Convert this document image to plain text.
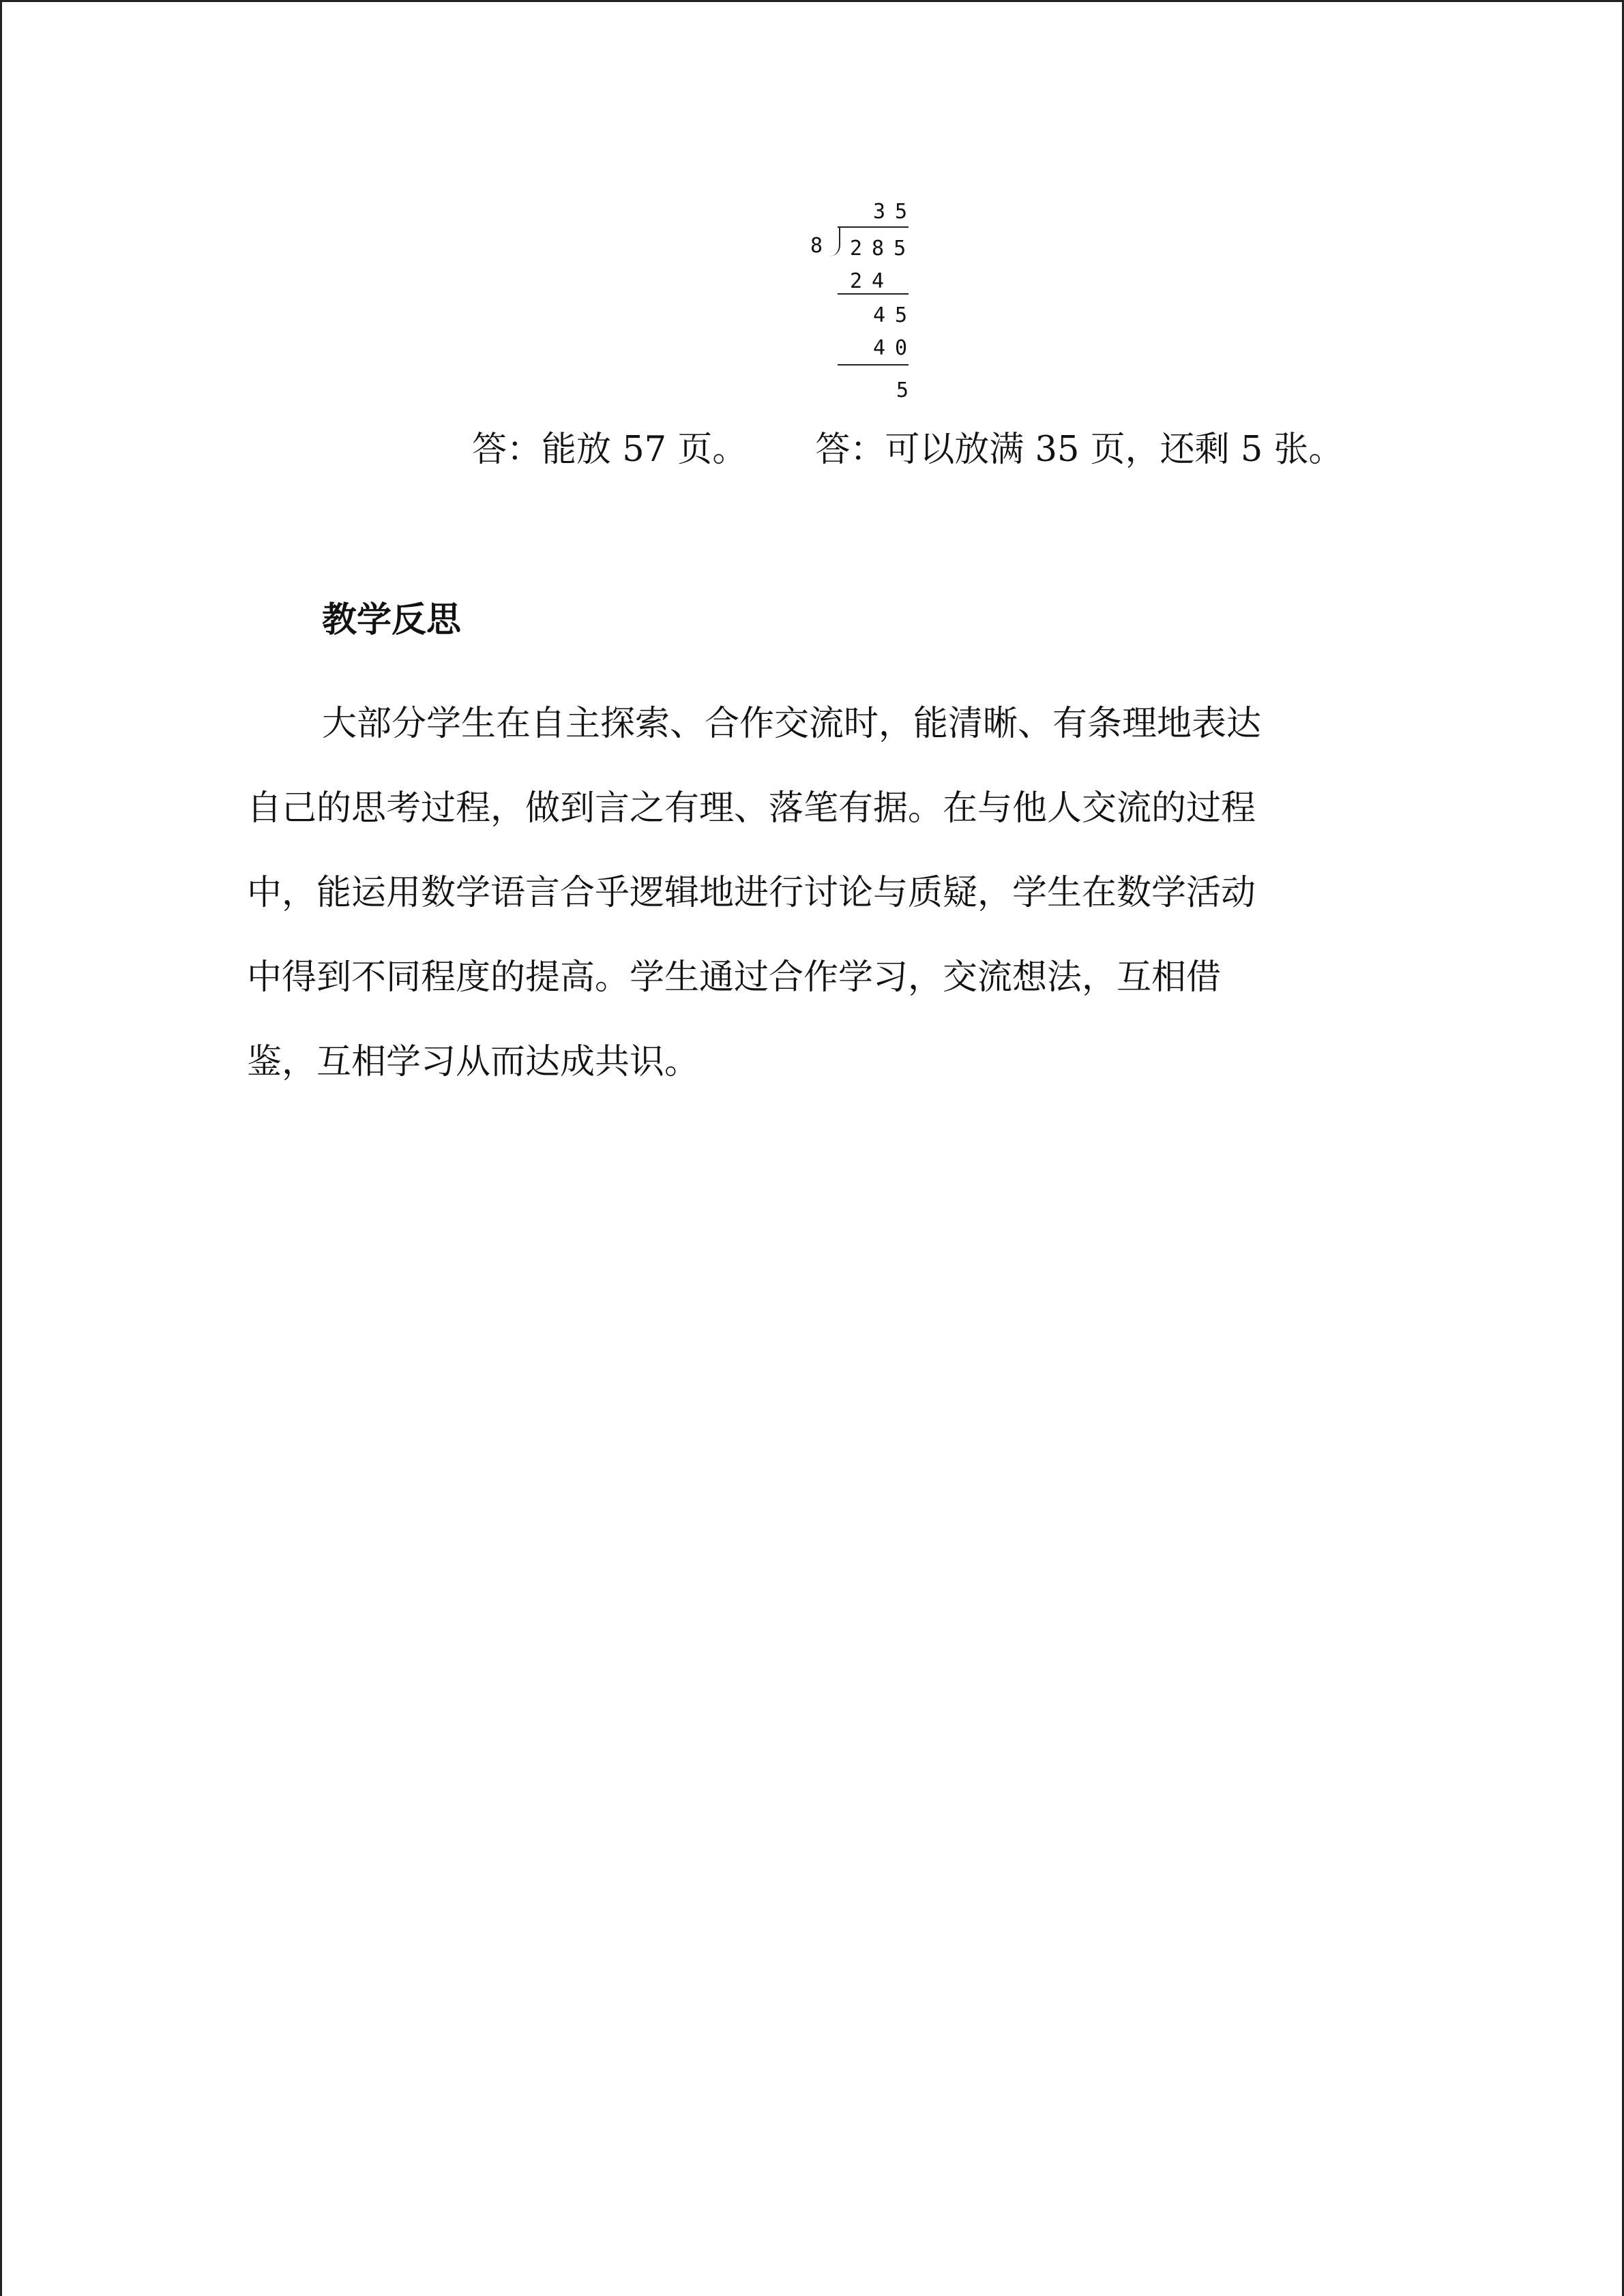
35
8 285
24
45
40
5
答：能放 57 页。 答：可以放满 35 页，还剩 5 张。
教学反思
大部分学生在自主探索、合作交流时，能清晰、有条理地表达
自己的思考过程，做到言之有理、落笔有据。在与他人交流的过程
中，能运用数学语言合乎逻辑地进行讨论与质疑，学生在数学活动
中得到不同程度的提高。学生通过合作学习，交流想法，互相借
鉴，互相学习从而达成共识。
